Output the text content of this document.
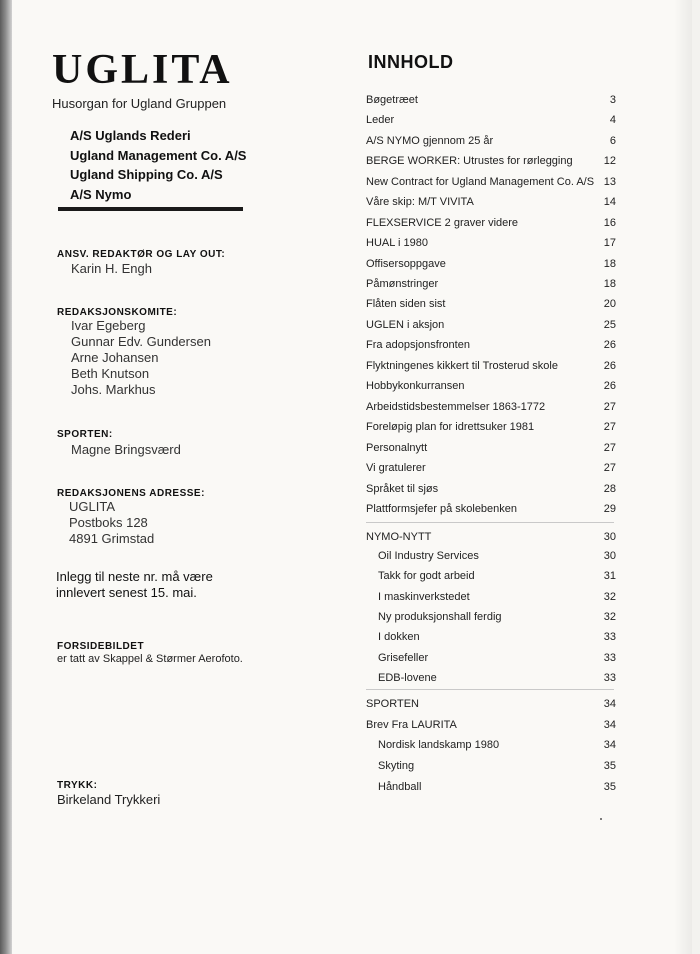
UGLITA
Husorgan for Ugland Gruppen
A/S Uglands Rederi
Ugland Management Co. A/S
Ugland Shipping Co. A/S
A/S Nymo
ANSV. REDAKTØR OG LAY OUT:
Karin H. Engh
REDAKSJONSKOMITE:
Ivar Egeberg
Gunnar Edv. Gundersen
Arne Johansen
Beth Knutson
Johs. Markhus
SPORTEN:
Magne Bringsværd
REDAKSJONENS ADRESSE:
UGLITA
Postboks 128
4891 Grimstad
Inlegg til neste nr. må være
innlevert senest 15. mai.
FORSIDEBILDET
er tatt av Skappel & Størmer Aerofoto.
TRYKK:
Birkeland Trykkeri
INNHOLD
Bøgetræet	3
Leder	4
A/S NYMO gjennom 25 år	6
BERGE WORKER: Utrustes for rørlegging	12
New Contract for Ugland Management Co. A/S 13
Våre skip: M/T VIVITA	14
FLEXSERVICE 2 graver videre	16
HUAL i 1980	17
Offisersoppgave	18
Påmønstringer	18
Flåten siden sist	20
UGLEN i aksjon	25
Fra adopsjonsfronten	26
Flyktningenes kikkert til Trosterud skole	26
Hobbykonkurransen	26
Arbeidstidsbestemmelser 1863-1772	27
Foreløpig plan for idrettsuker 1981	27
Personalnytt	27
Vi gratulerer	27
Språket til sjøs	28
Plattformsjefer på skolebenken	29
NYMO-NYTT	30
Oil Industry Services	30
Takk for godt arbeid	31
I maskinverkstedet	32
Ny produksjonshall ferdig	32
I dokken	33
Grisefeller	33
EDB-lovene	33
SPORTEN	34
Brev Fra LAURITA	34
Nordisk landskamp 1980	34
Skyting	35
Håndball	35
